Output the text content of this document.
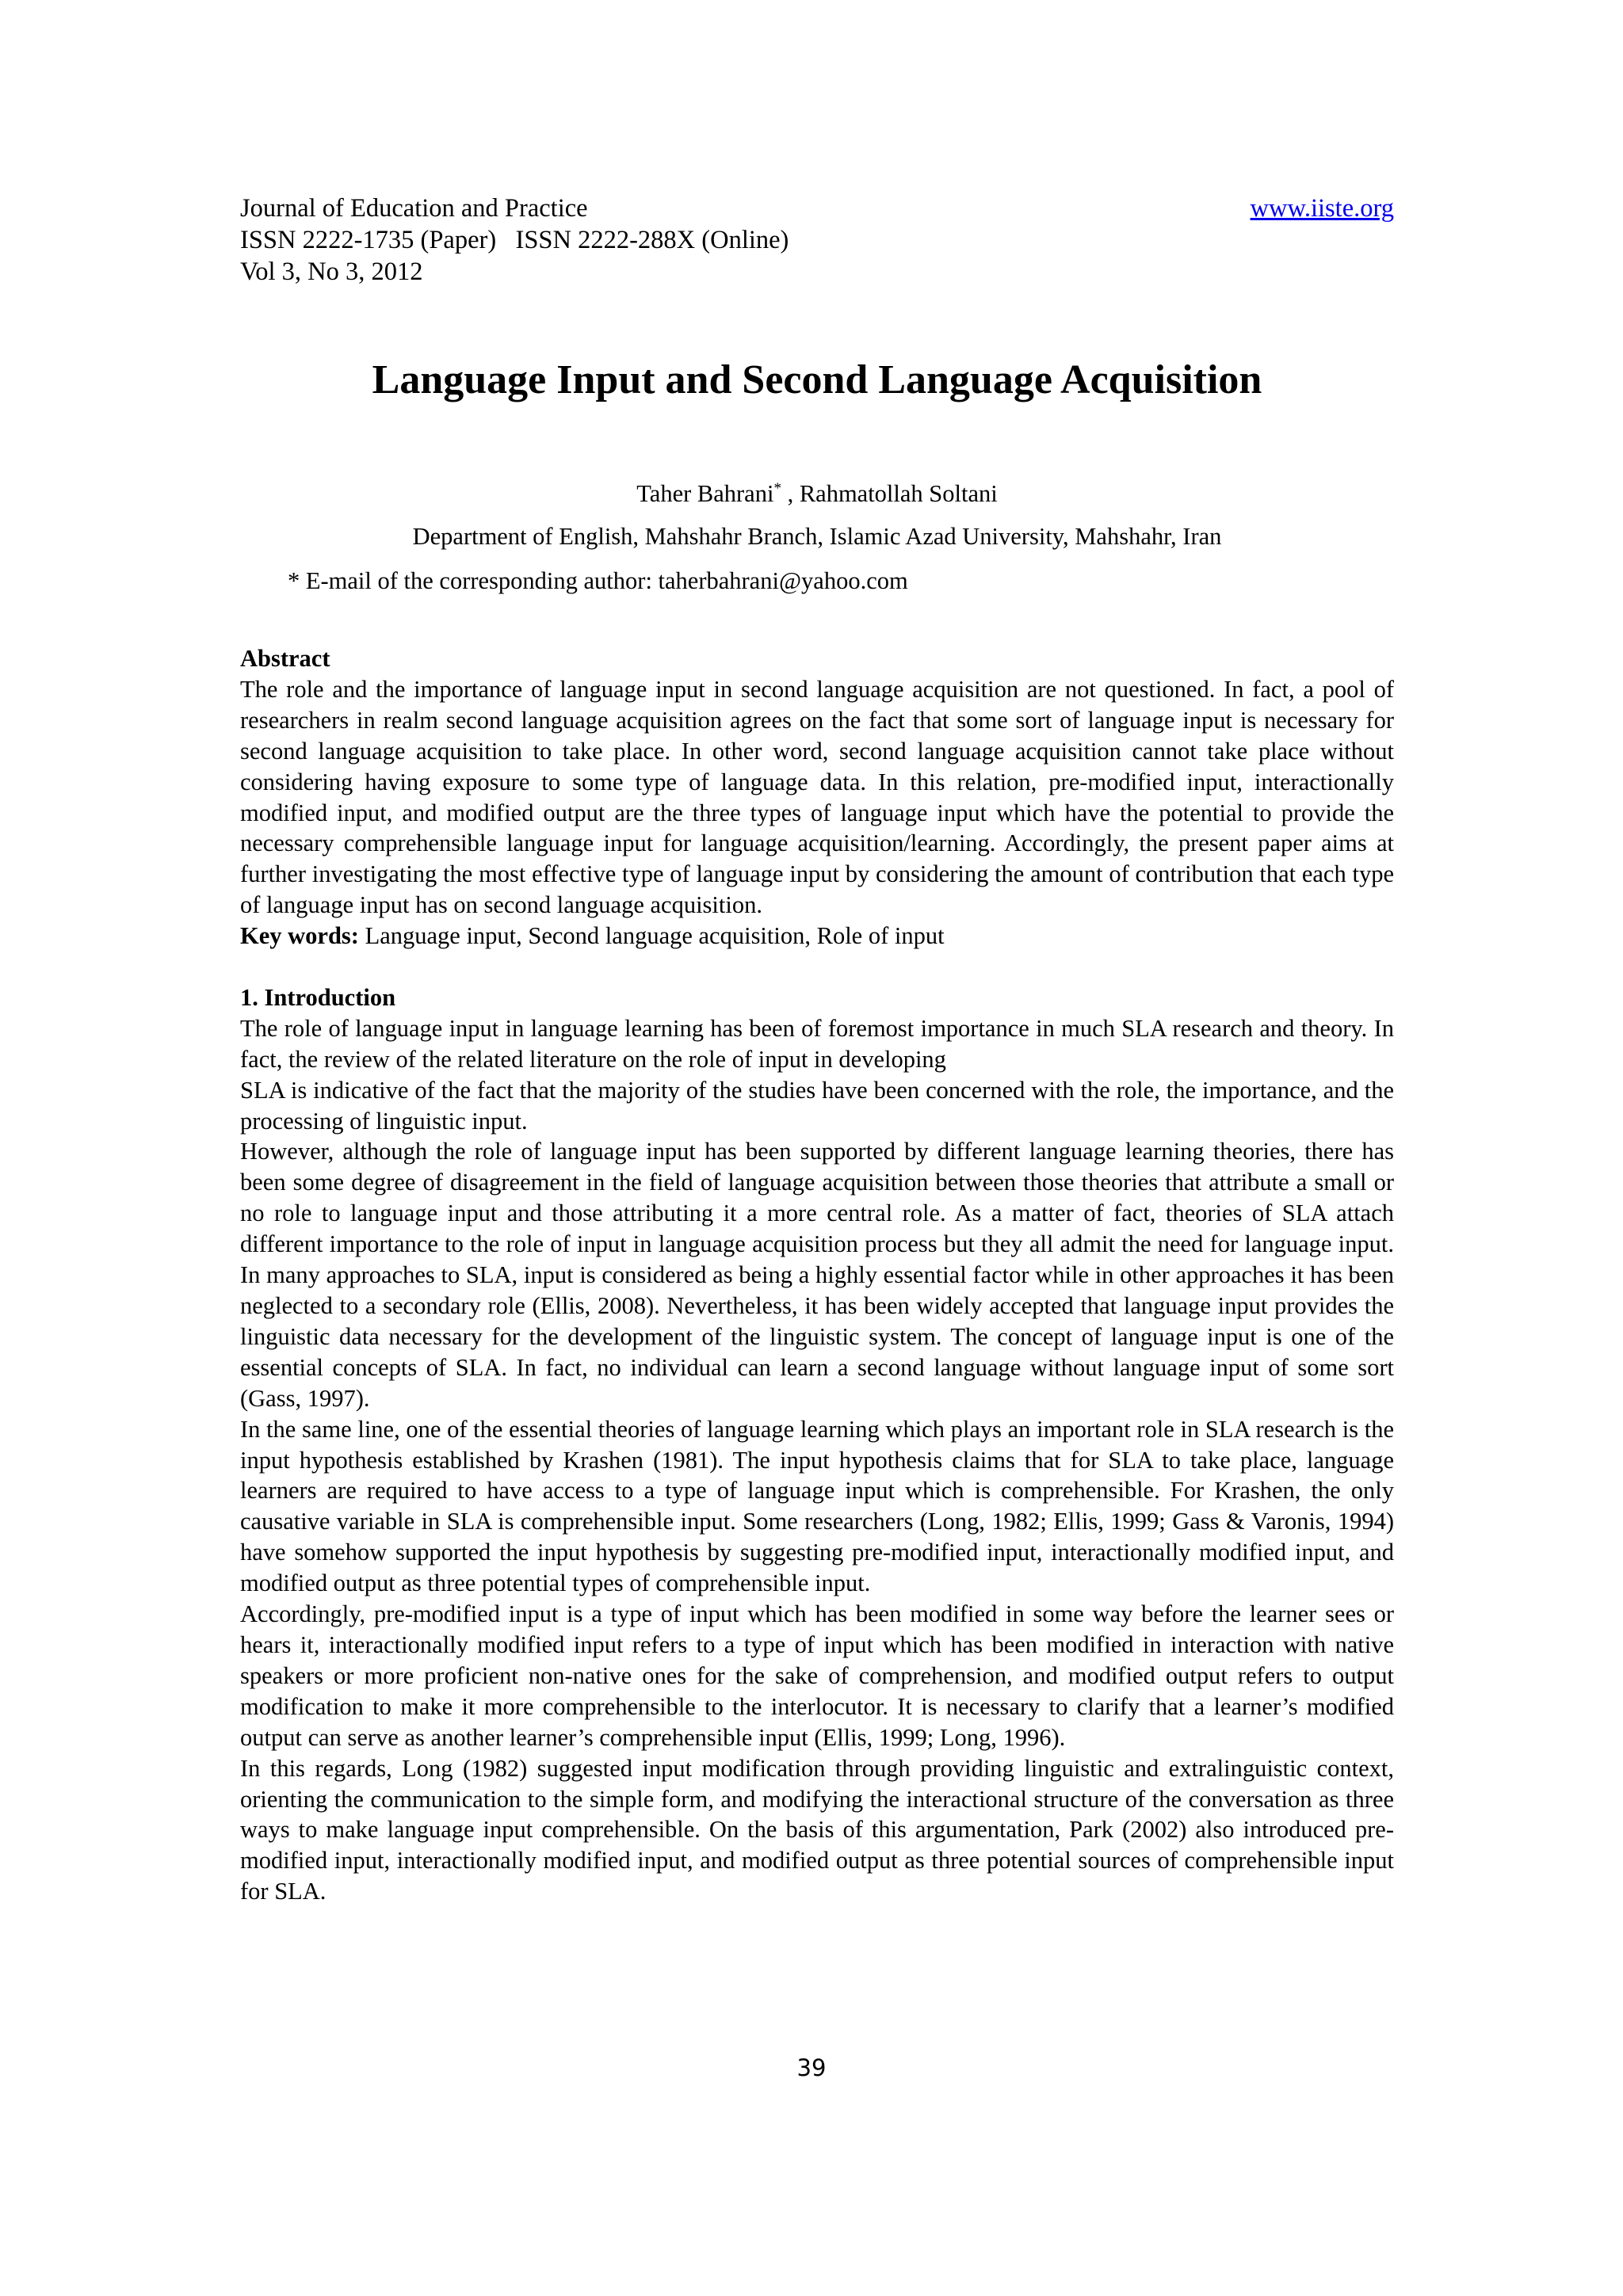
Journal of Education and Practice
ISSN 2222-1735 (Paper)   ISSN 2222-288X (Online)
Vol 3, No 3, 2012
www.iiste.org
Language Input and Second Language Acquisition
Taher Bahrani* , Rahmatollah Soltani
Department of English, Mahshahr Branch, Islamic Azad University, Mahshahr, Iran
* E-mail of the corresponding author: taherbahrani@yahoo.com
Abstract

The role and the importance of language input in second language acquisition are not questioned. In fact, a pool of researchers in realm second language acquisition agrees on the fact that some sort of language input is necessary for second language acquisition to take place. In other word, second language acquisition cannot take place without considering having exposure to some type of language data. In this relation, pre-modified input, interactionally modified input, and modified output are the three types of language input which have the potential to provide the necessary comprehensible language input for language acquisition/learning. Accordingly, the present paper aims at further investigating the most effective type of language input by considering the amount of contribution that each type of language input has on second language acquisition.

Key words: Language input, Second language acquisition, Role of input

1. Introduction

The role of language input in language learning has been of foremost importance in much SLA research and theory. In fact, the review of the related literature on the role of input in developing

SLA is indicative of the fact that the majority of the studies have been concerned with the role, the importance, and the processing of linguistic input.

However, although the role of language input has been supported by different language learning theories, there has been some degree of disagreement in the field of language acquisition between those theories that attribute a small or no role to language input and those attributing it a more central role. As a matter of fact, theories of SLA attach different importance to the role of input in language acquisition process but they all admit the need for language input. In many approaches to SLA, input is considered as being a highly essential factor while in other approaches it has been neglected to a secondary role (Ellis, 2008). Nevertheless, it has been widely accepted that language input provides the linguistic data necessary for the development of the linguistic system. The concept of language input is one of the essential concepts of SLA. In fact, no individual can learn a second language without language input of some sort (Gass, 1997).

In the same line, one of the essential theories of language learning which plays an important role in SLA research is the input hypothesis established by Krashen (1981). The input hypothesis claims that for SLA to take place, language learners are required to have access to a type of language input which is comprehensible. For Krashen, the only causative variable in SLA is comprehensible input. Some researchers (Long, 1982; Ellis, 1999; Gass & Varonis, 1994) have somehow supported the input hypothesis by suggesting pre-modified input, interactionally modified input, and modified output as three potential types of comprehensible input.

Accordingly, pre-modified input is a type of input which has been modified in some way before the learner sees or hears it, interactionally modified input refers to a type of input which has been modified in interaction with native speakers or more proficient non-native ones for the sake of comprehension, and modified output refers to output modification to make it more comprehensible to the interlocutor. It is necessary to clarify that a learner’s modified output can serve as another learner’s comprehensible input (Ellis, 1999; Long, 1996).

In this regards, Long (1982) suggested input modification through providing linguistic and extralinguistic context, orienting the communication to the simple form, and modifying the interactional structure of the conversation as three ways to make language input comprehensible. On the basis of this argumentation, Park (2002) also introduced pre-modified input, interactionally modified input, and modified output as three potential sources of comprehensible input for SLA.

39
